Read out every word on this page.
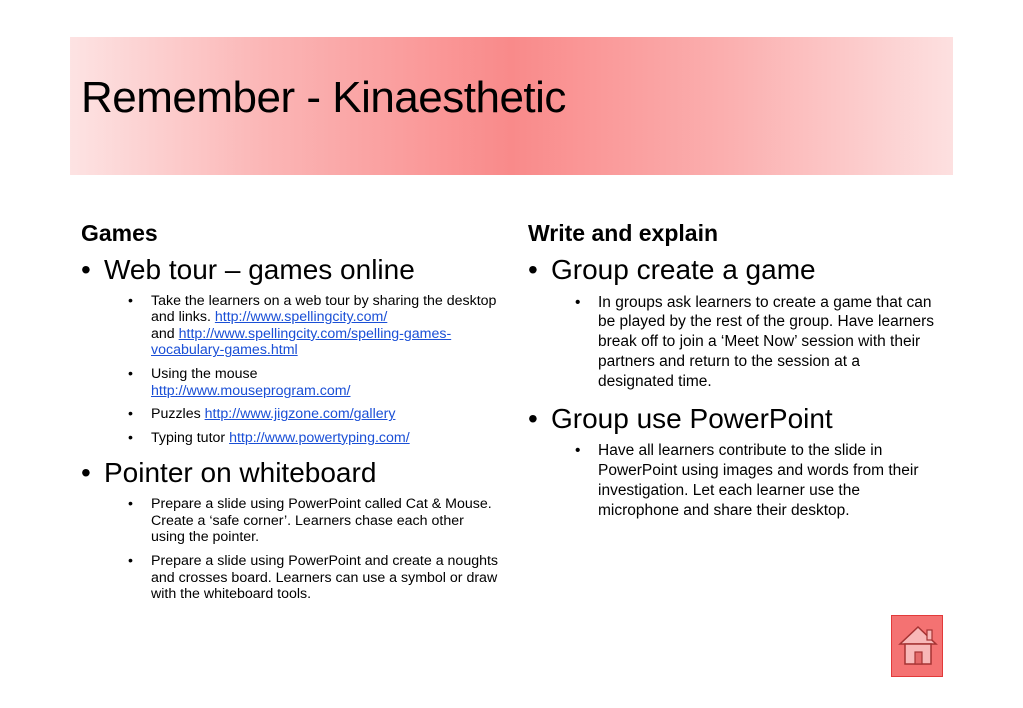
Remember - Kinaesthetic

Games

• Web tour – games online

• Take the learners on a web tour by sharing the desktop and links. http://www.spellingcity.com/
and http://www.spellingcity.com/spelling-games-vocabulary-games.html
• Using the mouse
http://www.mouseprogram.com/
• Puzzles http://www.jigzone.com/gallery
• Typing tutor http://www.powertyping.com/

• Pointer on whiteboard

• Prepare a slide using PowerPoint called Cat & Mouse. Create a ‘safe corner’. Learners chase each other using the pointer.
• Prepare a slide using PowerPoint and create a noughts and crosses board. Learners can use a symbol or draw with the whiteboard tools.

Write and explain

• Group create a game

• In groups ask learners to create a game that can be played by the rest of the group. Have learners break off to join a ‘Meet Now’ session with their partners and return to the session at a designated time.

• Group use PowerPoint

• Have all learners contribute to the slide in PowerPoint using images and words from their investigation. Let each learner use the microphone and share their desktop.
